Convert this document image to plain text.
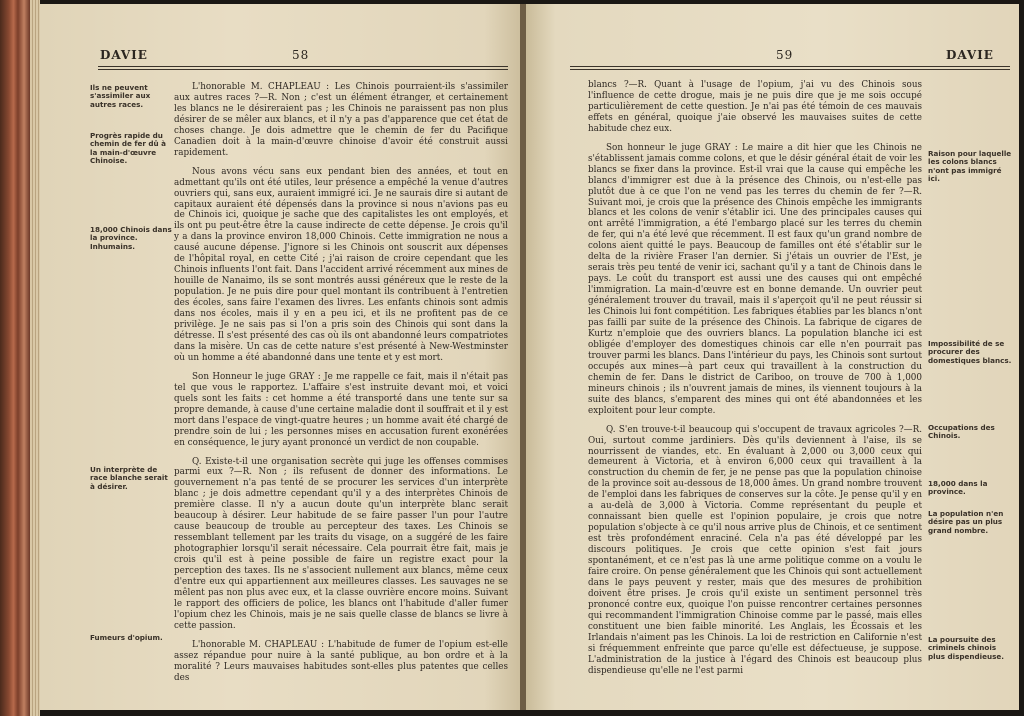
DAVIE	58
Ils ne peuvent s'assimiler aux autres races.
Progrès rapide du chemin de fer dû à la main-d'œuvre Chinoise.
18,000 Chinois dans la province. Inhumains.
Un interprète de race blanche serait à désirer.
Fumeurs d'opium.

L'honorable M. CHAPLEAU : Les Chinois pourraient-ils s'assimiler aux autres races ?—R. Non ; c'est un élément étranger, et certainement les blancs ne le désireraient pas ; les Chinois ne paraissent pas non plus désirer de se mêler aux blancs, et il n'y a pas d'apparence que cet état de choses change. Je dois admettre que le chemin de fer du Pacifique Canadien doit à la main-d'œuvre chinoise d'avoir été construit aussi rapidement.

Nous avons vécu sans eux pendant bien des années, et tout en admettant qu'ils ont été utiles, leur présence a empêché la venue d'autres ouvriers qui, sans eux, auraient immigré ici. Je ne saurais dire si autant de capitaux auraient été dépensés dans la province si nous n'avions pas eu de Chinois ici, quoique je sache que des capitalistes les ont employés, et ils ont pu peut-être être la cause indirecte de cette dépense. Je crois qu'il y a dans la province environ 18,000 Chinois. Cette immigration ne nous a causé aucune dépense. J'ignore si les Chinois ont souscrit aux dépenses de l'hôpital royal, en cette Cité ; j'ai raison de croire cependant que les Chinois influents l'ont fait. Dans l'accident arrivé récemment aux mines de houille de Nanaimo, ils se sont montrés aussi généreux que le reste de la population. Je ne puis dire pour quel montant ils contribuent à l'entretien des écoles, sans faire l'examen des livres. Les enfants chinois sont admis dans nos écoles, mais il y en a peu ici, et ils ne profitent pas de ce privilège. Je ne sais pas si l'on a pris soin des Chinois qui sont dans la détresse. Il s'est présenté des cas où ils ont abandonné leurs compatriotes dans la misère. Un cas de cette nature s'est présenté à New-Westminster où un homme a été abandonné dans une tente et y est mort.

Son Honneur le juge GRAY : Je me rappelle ce fait, mais il n'était pas tel que vous le rapportez. L'affaire s'est instruite devant moi, et voici quels sont les faits : cet homme a été transporté dans une tente sur sa propre demande, à cause d'une certaine maladie dont il souffrait et il y est mort dans l'espace de vingt-quatre heures ; un homme avait été chargé de prendre soin de lui ; les personnes mises en accusation furent exonérées en conséquence, le jury ayant prononcé un verdict de non coupable.

Q. Existe-t-il une organisation secrète qui juge les offenses commises parmi eux ?—R. Non ; ils refusent de donner des informations. Le gouvernement n'a pas tenté de se procurer les services d'un interprète blanc ; je dois admettre cependant qu'il y a des interprètes Chinois de première classe. Il n'y a aucun doute qu'un interprète blanc serait beaucoup à désirer. Leur habitude de se faire passer l'un pour l'autre cause beaucoup de trouble au percepteur des taxes. Les Chinois se ressemblant tellement par les traits du visage, on a suggéré de les faire photographier lorsqu'il serait nécessaire. Cela pourrait être fait, mais je crois qu'il est à peine possible de faire un registre exact pour la perception des taxes. Ils ne s'associent nullement aux blancs, même ceux d'entre eux qui appartiennent aux meilleures classes. Les sauvages ne se mêlent pas non plus avec eux, et la classe ouvrière encore moins. Suivant le rapport des officiers de police, les blancs ont l'habitude d'aller fumer l'opium chez les Chinois, mais je ne sais quelle classe de blancs se livre à cette passion.

L'honorable M. CHAPLEAU : L'habitude de fumer de l'opium est-elle assez répandue pour nuire à la santé publique, au bon ordre et à la moralité ? Leurs mauvaises habitudes sont-elles plus patentes que celles des

59	DAVIE

blancs ?—R. Quant à l'usage de l'opium, j'ai vu des Chinois sous l'influence de cette drogue, mais je ne puis dire que je me sois occupé particulièrement de cette question. Je n'ai pas été témoin de ces mauvais effets en général, quoique j'aie observé les mauvaises suites de cette habitude chez eux.

Son honneur le juge GRAY : Le maire a dit hier que les Chinois ne s'établissent jamais comme colons, et que le désir général était de voir les blancs se fixer dans la province. Est-il vrai que la cause qui empêche les blancs d'immigrer est due à la présence des Chinois, ou n'est-elle pas plutôt due à ce que l'on ne vend pas les terres du chemin de fer ?—R. Suivant moi, je crois que la présence des Chinois empêche les immigrants blancs et les colons de venir s'établir ici. Une des principales causes qui ont arrêté l'immigration, a été l'embargo placé sur les terres du chemin de fer, qui n'a été levé que récemment. Il est faux qu'un grand nombre de colons aient quitté le pays. Beaucoup de familles ont été s'établir sur le delta de la rivière Fraser l'an dernier. Si j'étais un ouvrier de l'Est, je serais très peu tenté de venir ici, sachant qu'il y a tant de Chinois dans le pays. Le coût du transport est aussi une des causes qui ont empêché l'immigration. La main-d'œuvre est en bonne demande. Un ouvrier peut généralement trouver du travail, mais il s'aperçoit qu'il ne peut réussir si les Chinois lui font compétition. Les fabriques établies par les blancs n'ont pas failli par suite de la présence des Chinois. La fabrique de cigares de Kurtz n'emploie que des ouvriers blancs. La population blanche ici est obligée d'employer des domestiques chinois car elle n'en pourrait pas trouver parmi les blancs. Dans l'intérieur du pays, les Chinois sont surtout occupés aux mines—à part ceux qui travaillent à la construction du chemin de fer. Dans le district de Cariboo, on trouve de 700 à 1,000 mineurs chinois ; ils n'ouvrent jamais de mines, ils viennent toujours à la suite des blancs, s'emparent des mines qui ont été abandonnées et les exploitent pour leur compte.

Q. S'en trouve-t-il beaucoup qui s'occupent de travaux agricoles ?—R. Oui, surtout comme jardiniers. Dès qu'ils deviennent à l'aise, ils se nourrissent de viandes, etc. En évaluant à 2,000 ou 3,000 ceux qui demeurent à Victoria, et à environ 6,000 ceux qui travaillent à la construction du chemin de fer, je ne pense pas que la population chinoise de la province soit au-dessous de 18,000 âmes. Un grand nombre trouvent de l'emploi dans les fabriques de conserves sur la côte. Je pense qu'il y en a au-delà de 3,000 à Victoria. Comme représentant du peuple et connaissant bien quelle est l'opinion populaire, je crois que notre population s'objecte à ce qu'il nous arrive plus de Chinois, et ce sentiment est très profondément enraciné. Cela n'a pas été développé par les discours politiques. Je crois que cette opinion s'est fait jours spontanément, et ce n'est pas là une arme politique comme on a voulu le faire croire. On pense généralement que les Chinois qui sont actuellement dans le pays peuvent y rester, mais que des mesures de prohibition doivent être prises. Je crois qu'il existe un sentiment personnel très prononcé contre eux, quoique l'on puisse rencontrer certaines personnes qui recommandent l'immigration Chinoise comme par le passé, mais elles constituent une bien faible minorité. Les Anglais, les Écossais et les Irlandais n'aiment pas les Chinois. La loi de restriction en Californie n'est si fréquemment enfreinte que parce qu'elle est défectueuse, je suppose. L'administration de la justice à l'égard des Chinois est beaucoup plus dispendieuse qu'elle ne l'est parmi

Raison pour laquelle les colons blancs n'ont pas immigré ici.
Impossibilité de se procurer des domestiques blancs.
Occupations des Chinois.
18,000 dans la province.
La population n'en désire pas un plus grand nombre.
La poursuite des criminels chinois plus dispendieuse.
